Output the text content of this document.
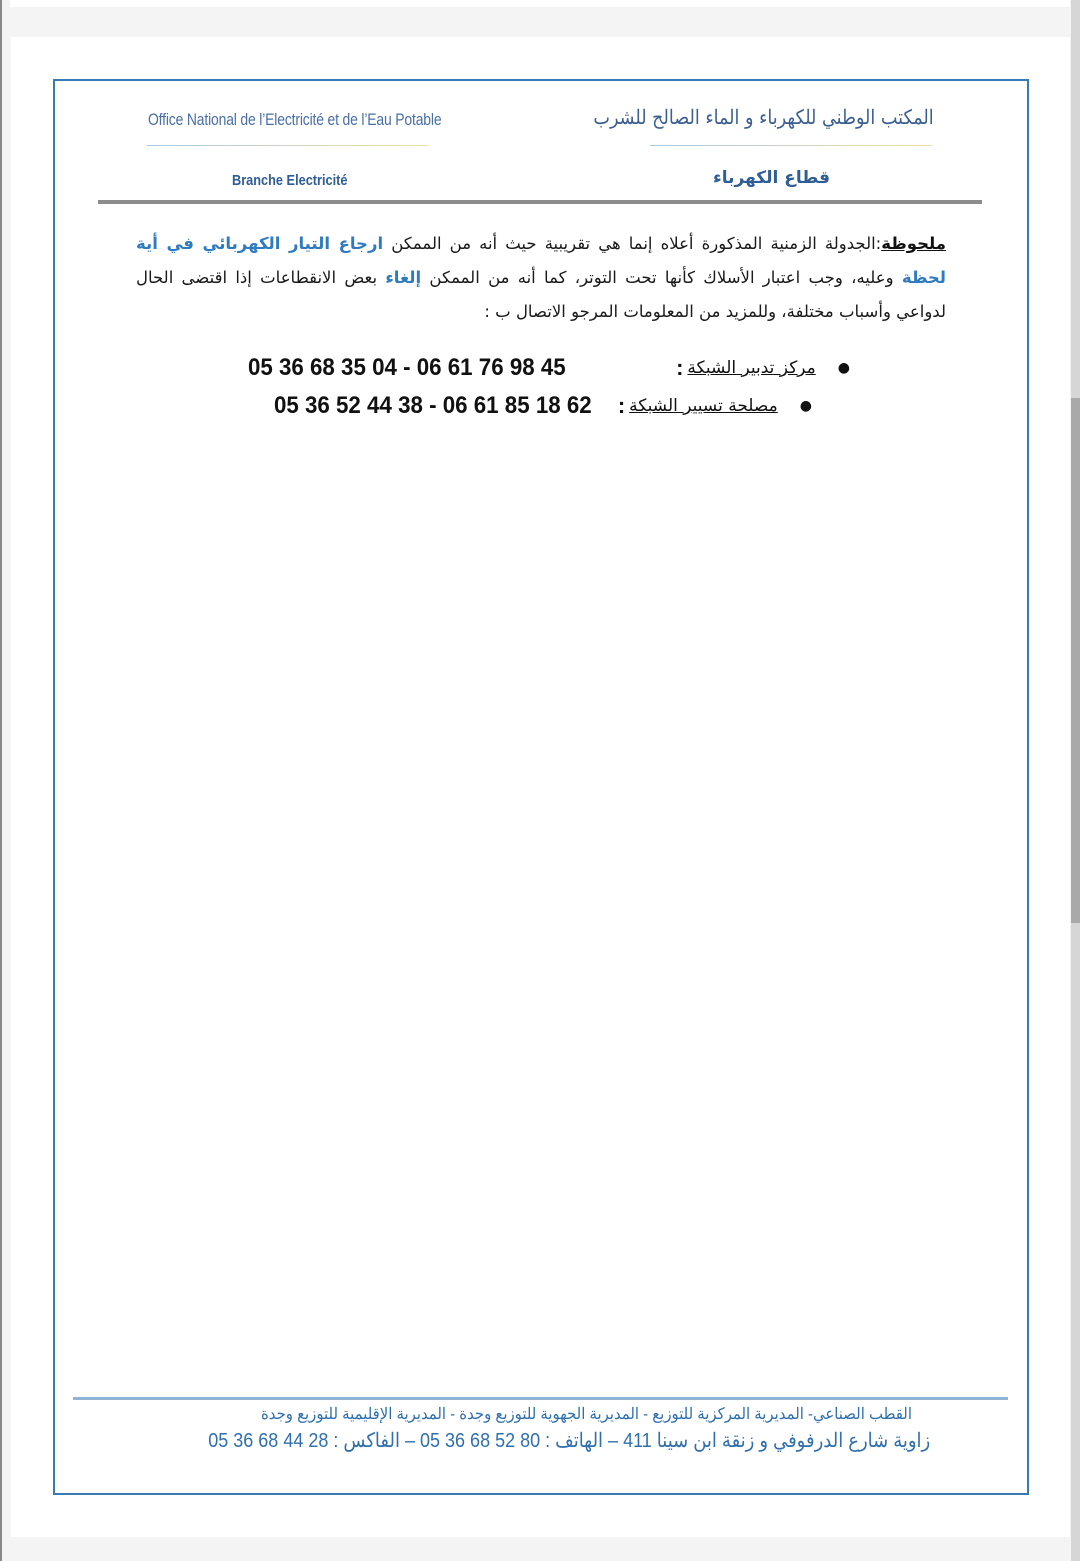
Office National de l’Electricité et de l’Eau Potable	المكتب الوطني للكهرباء و الماء الصالح للشرب
Branche Electricité	قطاع الكهرباء
ملحوظة:الجدولة الزمنية المذكورة أعلاه إنما هي تقريبية حيث أنه من الممكن ارجاع التيار الكهربائي في أية لحظة وعليه، وجب اعتبار الأسلاك كأنها تحت التوتر، كما أنه من الممكن إلغاء بعض الانقطاعات إذا اقتضى الحال لدواعي وأسباب مختلفة، وللمزيد من المعلومات المرجو الاتصال ب :
●
مركز تدبير الشبكة
:
05 36 68 35 04 - 06 61 76 98 45
●
مصلحة تسيير الشبكة
:
05 36 52 44 38 - 06 61 85 18 62
القطب الصناعي- المديرية المركزية للتوزيع - المديرية الجهوية للتوزيع وجدة - المديرية الإقليمية للتوزيع وجدة
زاوية شارع الدرفوفي و زنقة ابن سينا 411 – الهاتف : 80 52 68 36 05 – الفاكس : 28 44 68 36 05
